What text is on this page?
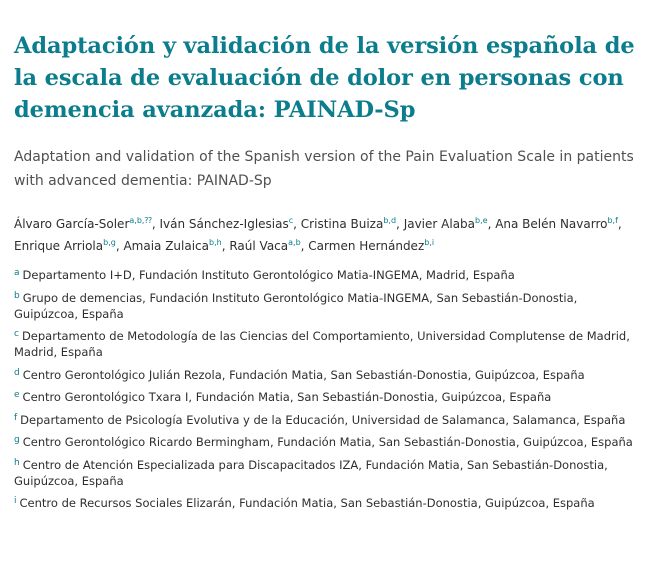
Adaptación y validación de la versión española de la escala de evaluación de dolor en personas con demencia avanzada: PAINAD-Sp
Adaptation and validation of the Spanish version of the Pain Evaluation Scale in patients with advanced dementia: PAINAD-Sp
Álvaro García-Soler$^{a,b,⁇}$, Iván Sánchez-Iglesias$^c$, Cristina Buiza$^{b,d}$, Javier Alaba$^{b,e}$, Ana Belén Navarro$^{b,f}$,
Enrique Arriola$^{b,g}$, Amaia Zulaica$^{b,h}$, Raúl Vaca$^{a,b}$, Carmen Hernández$^{b,i}$
$^a$ Departamento I+D, Fundación Instituto Gerontológico Matia-INGEMA, Madrid, España
$^b$ Grupo de demencias, Fundación Instituto Gerontológico Matia-INGEMA, San Sebastián-Donostia, Guipúzcoa, España
$^c$ Departamento de Metodología de las Ciencias del Comportamiento, Universidad Complutense de Madrid, Madrid, España
$^d$ Centro Gerontológico Julián Rezola, Fundación Matia, San Sebastián-Donostia, Guipúzcoa, España
$^e$ Centro Gerontológico Txara I, Fundación Matia, San Sebastián-Donostia, Guipúzcoa, España
$^f$ Departamento de Psicología Evolutiva y de la Educación, Universidad de Salamanca, Salamanca, España
$^g$ Centro Gerontológico Ricardo Bermingham, Fundación Matia, San Sebastián-Donostia, Guipúzcoa, España
$^h$ Centro de Atención Especializada para Discapacitados IZA, Fundación Matia, San Sebastián-Donostia, Guipúzcoa, España
$^i$ Centro de Recursos Sociales Elizarán, Fundación Matia, San Sebastián-Donostia, Guipúzcoa, España
